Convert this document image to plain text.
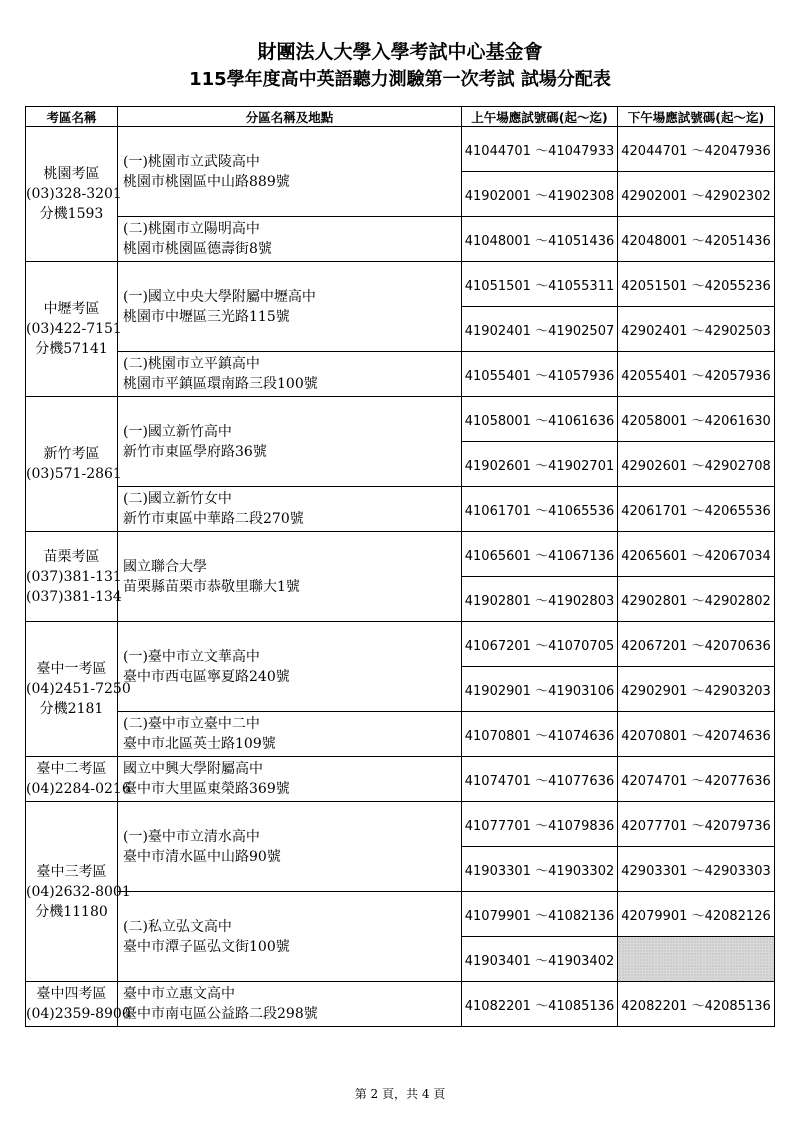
財團法人大學入學考試中心基金會
115學年度高中英語聽力測驗第一次考試 試場分配表
考區名稱	分區名稱及地點	上午場應試號碼(起～迄)	下午場應試號碼(起～迄)

桃園考區
(03)328-3201
分機1593	(一)桃園市立武陵高中
桃園市桃園區中山路889號	41044701 ～41047933	42044701 ～42047936
		41902001 ～41902308	42902001 ～42902302

	(二)桃園市立陽明高中
桃園市桃園區德壽街8號	41048001 ～41051436	42048001 ～42051436

中壢考區
(03)422-7151
分機57141	(一)國立中央大學附屬中壢高中
桃園市中壢區三光路115號	41051501 ～41055311	42051501 ～42055236
		41902401 ～41902507	42902401 ～42902503

	(二)桃園市立平鎮高中
桃園市平鎮區環南路三段100號	41055401 ～41057936	42055401 ～42057936

新竹考區
(03)571-2861	(一)國立新竹高中
新竹市東區學府路36號	41058001 ～41061636	42058001 ～42061630
		41902601 ～41902701	42902601 ～42902708

	(二)國立新竹女中
新竹市東區中華路二段270號	41061701 ～41065536	42061701 ～42065536

苗栗考區
(037)381-131
(037)381-134	國立聯合大學
苗栗縣苗栗市恭敬里聯大1號	41065601 ～41067136	42065601 ～42067034
		41902801 ～41902803	42902801 ～42902802

臺中一考區
(04)2451-7250
分機2181	(一)臺中市立文華高中
臺中市西屯區寧夏路240號	41067201 ～41070705	42067201 ～42070636
		41902901 ～41903106	42902901 ～42903203

	(二)臺中市立臺中二中
臺中市北區英士路109號	41070801 ～41074636	42070801 ～42074636

臺中二考區
(04)2284-0216	國立中興大學附屬高中
臺中市大里區東榮路369號	41074701 ～41077636	42074701 ～42077636

臺中三考區
(04)2632-8001
分機11180	(一)臺中市立清水高中
臺中市清水區中山路90號	41077701 ～41079836	42077701 ～42079736
		41903301 ～41903302	42903301 ～42903303

	(二)私立弘文高中
臺中市潭子區弘文街100號	41079901 ～41082136	42079901 ～42082126
		41903401 ～41903402	

臺中四考區
(04)2359-8900	臺中市立惠文高中
臺中市南屯區公益路二段298號	41082201 ～41085136	42082201 ～42085136
第 2 頁，共 4 頁
